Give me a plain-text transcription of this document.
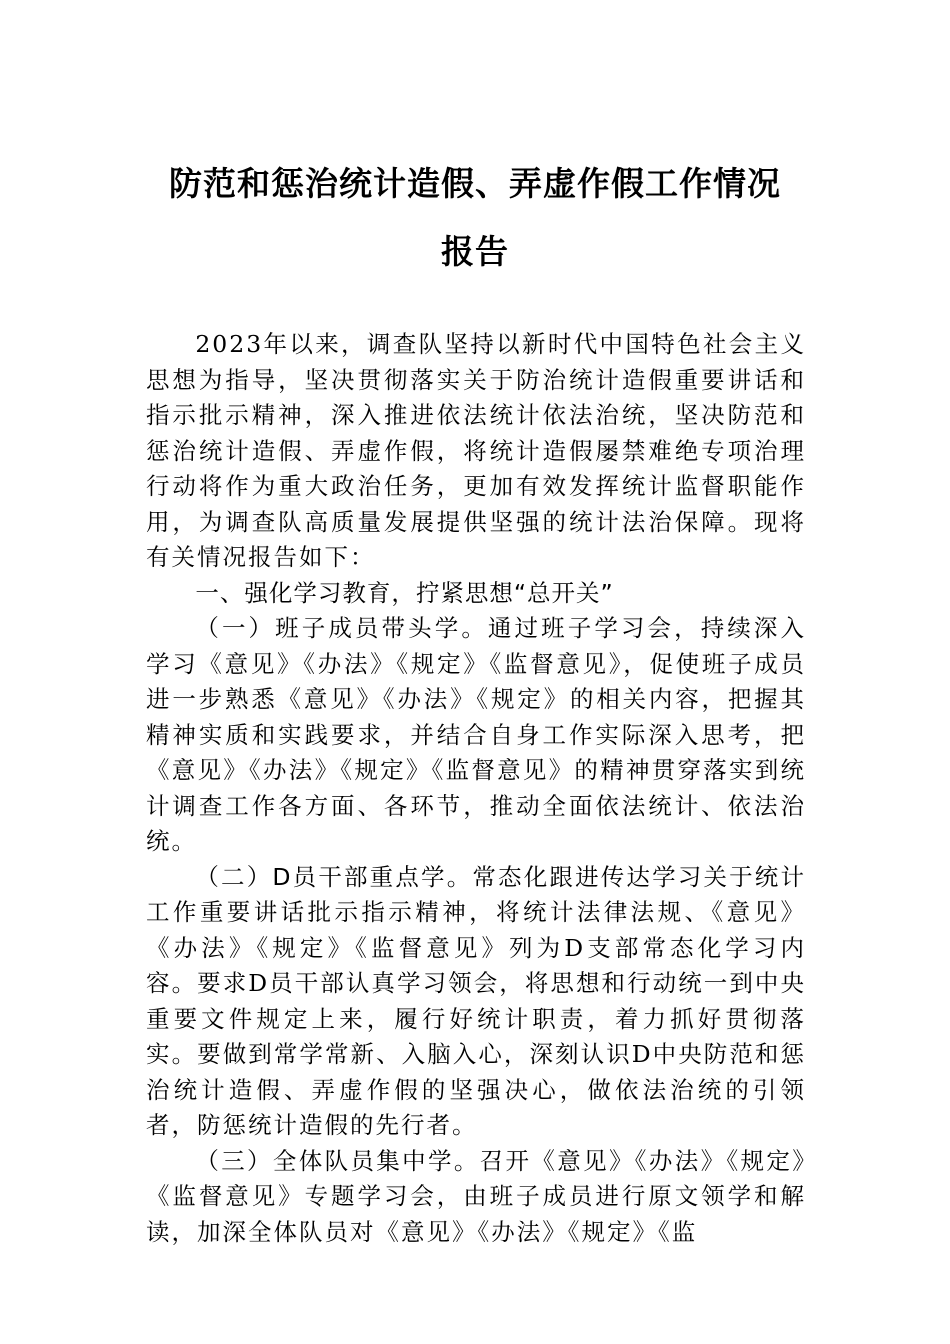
防范和惩治统计造假、弄虚作假工作情况
报告

2023年以来，调查队坚持以新时代中国特色社会主义思想为指导，坚决贯彻落实关于防治统计造假重要讲话和指示批示精神，深入推进依法统计依法治统，坚决防范和惩治统计造假、弄虚作假，将统计造假屡禁难绝专项治理行动将作为重大政治任务，更加有效发挥统计监督职能作用，为调查队高质量发展提供坚强的统计法治保障。现将有关情况报告如下：

一、强化学习教育，拧紧思想“总开关”

（一）班子成员带头学。通过班子学习会，持续深入学习《意见》《办法》《规定》《监督意见》，促使班子成员进一步熟悉《意见》《办法》《规定》的相关内容，把握其精神实质和实践要求，并结合自身工作实际深入思考，把《意见》《办法》《规定》《监督意见》的精神贯穿落实到统计调查工作各方面、各环节，推动全面依法统计、依法治统。

（二）D员干部重点学。常态化跟进传达学习关于统计工作重要讲话批示指示精神，将统计法律法规、《意见》《办法》《规定》《监督意见》列为D支部常态化学习内容。要求D员干部认真学习领会，将思想和行动统一到中央重要文件规定上来，履行好统计职责，着力抓好贯彻落实。要做到常学常新、入脑入心，深刻认识D中央防范和惩治统计造假、弄虚作假的坚强决心，做依法治统的引领者，防惩统计造假的先行者。

（三）全体队员集中学。召开《意见》《办法》《规定》《监督意见》专题学习会，由班子成员进行原文领学和解读，加深全体队员对《意见》《办法》《规定》《监
